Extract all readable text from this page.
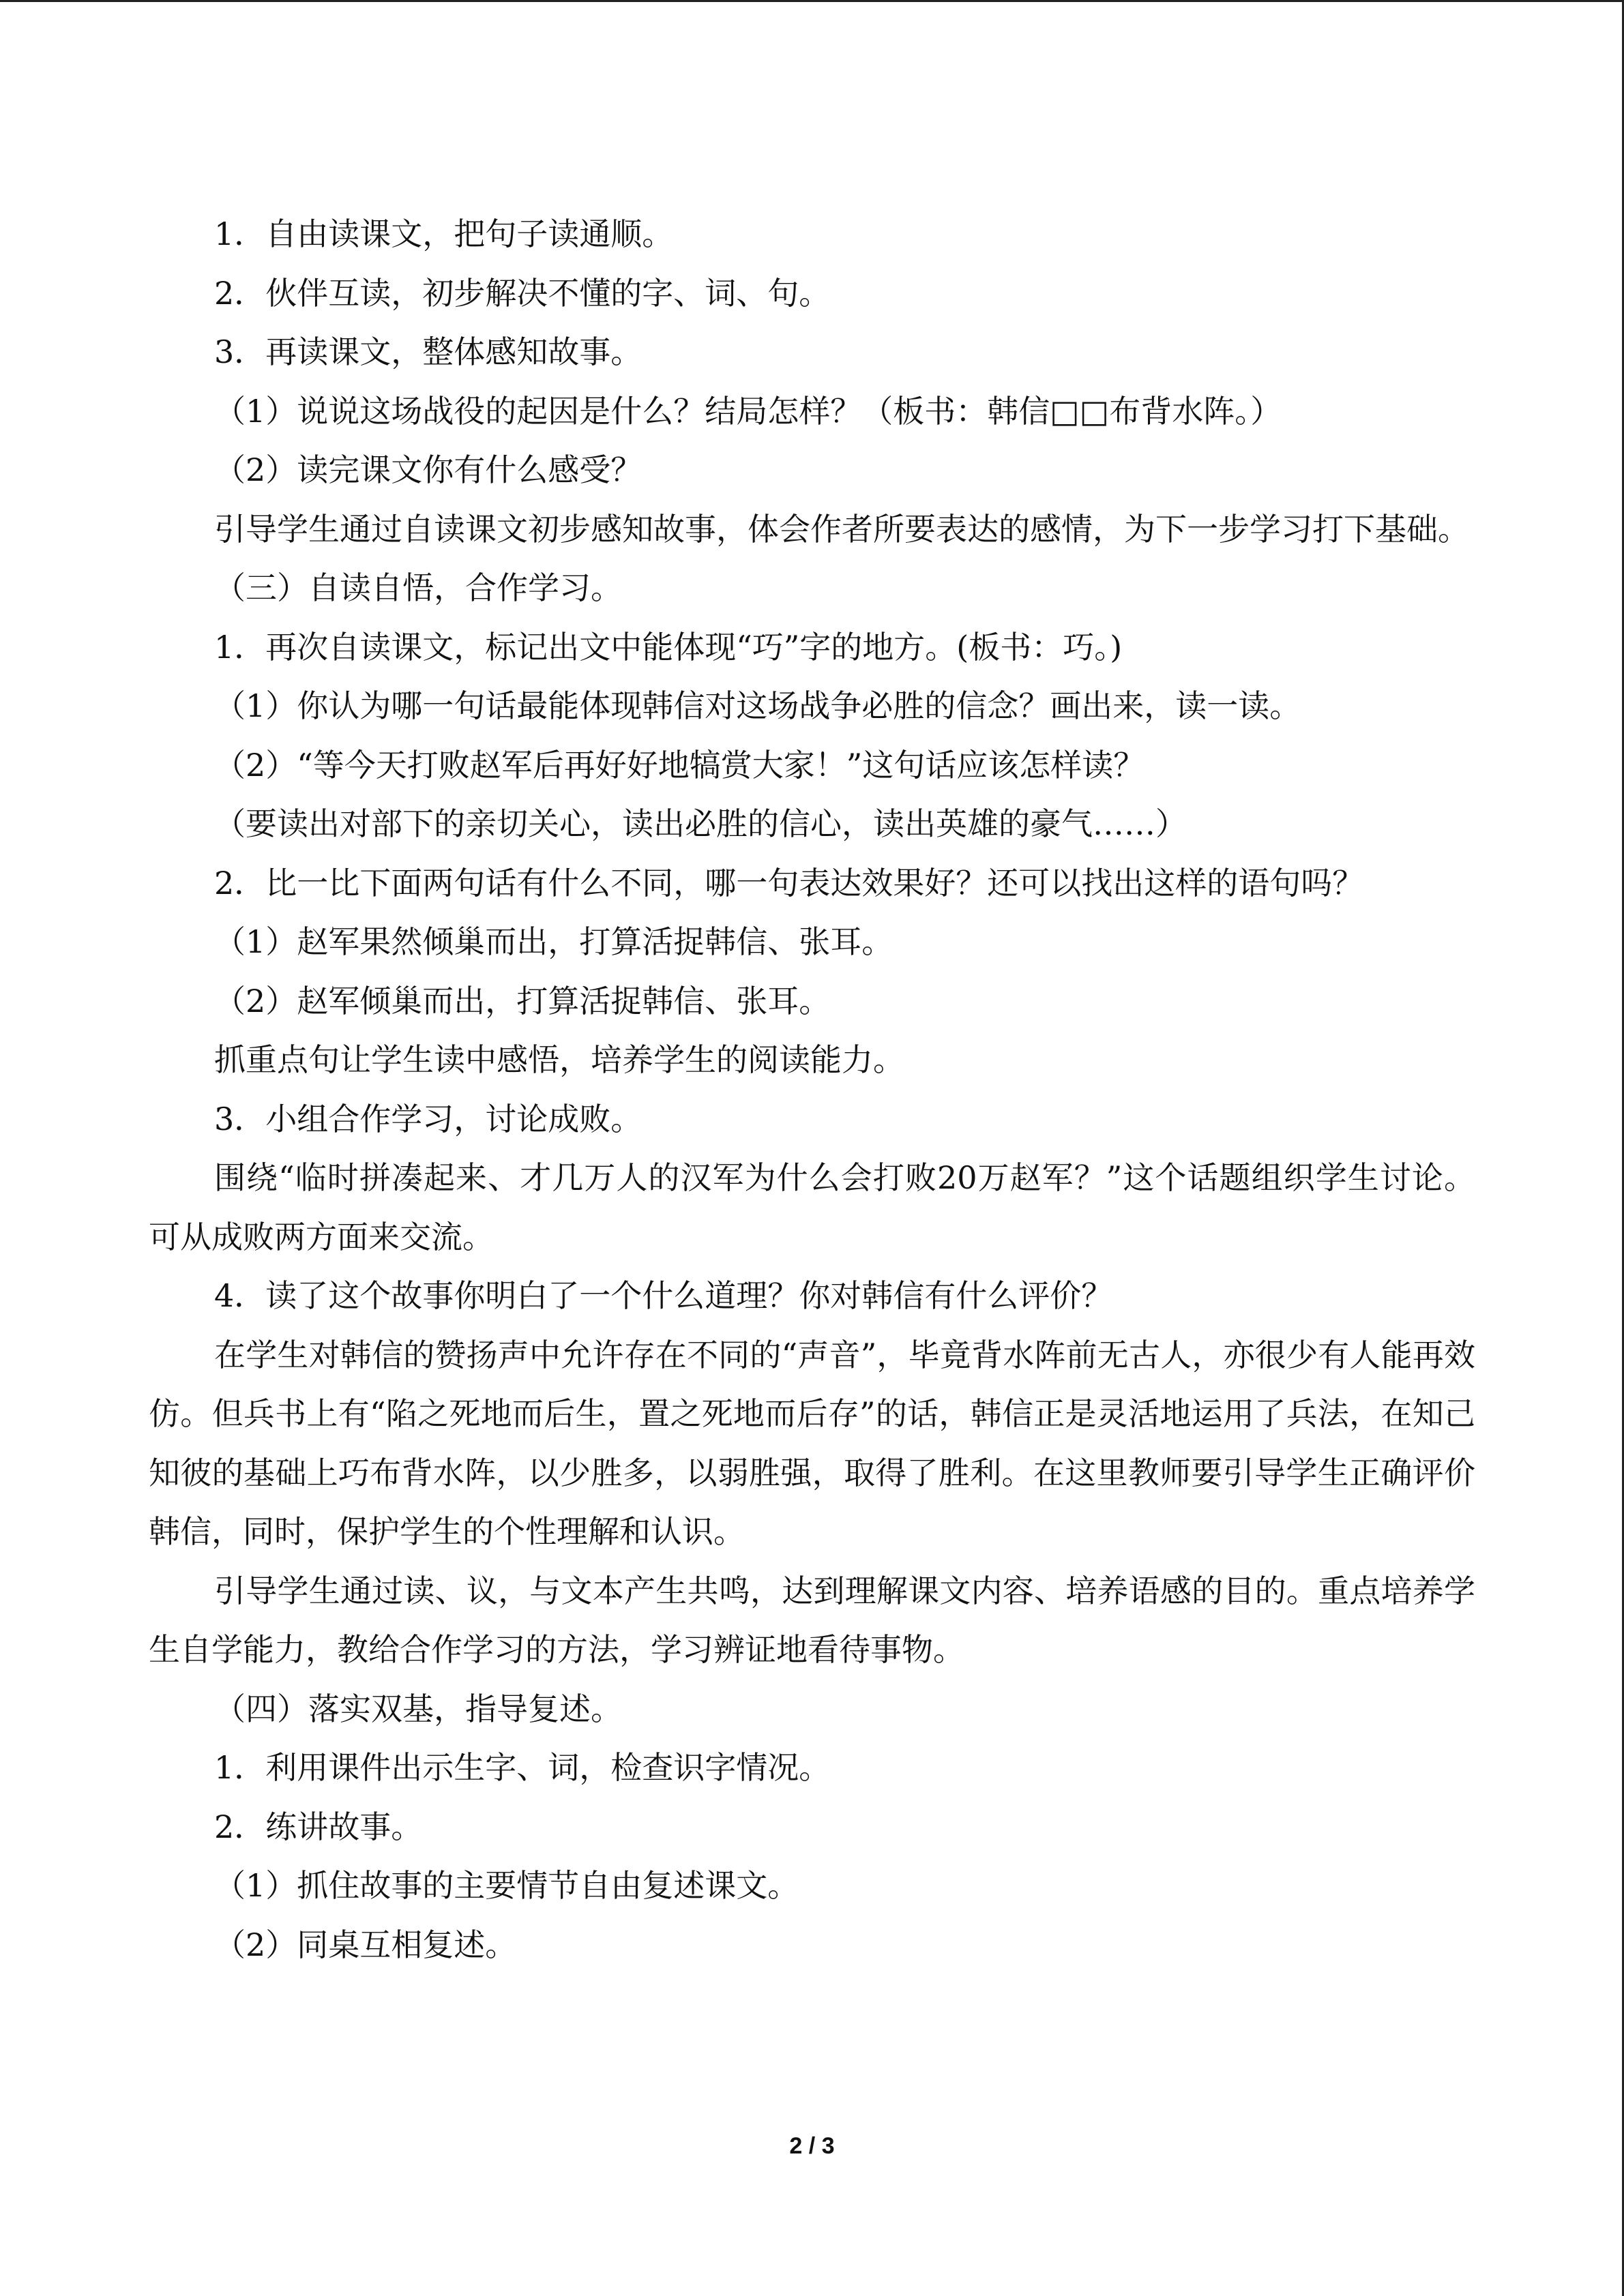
1．自由读课文，把句子读通顺。
2．伙伴互读，初步解决不懂的字、词、句。
3．再读课文，整体感知故事。
（1）说说这场战役的起因是什么？结局怎样？（板书：韩信□□布背水阵。）
（2）读完课文你有什么感受？
引导学生通过自读课文初步感知故事，体会作者所要表达的感情，为下一步学习打下基础。
（三）自读自悟，合作学习。
1．再次自读课文，标记出文中能体现“巧”字的地方。(板书：巧。)
（1）你认为哪一句话最能体现韩信对这场战争必胜的信念？画出来，读一读。
（2）“等今天打败赵军后再好好地犒赏大家！”这句话应该怎样读？
（要读出对部下的亲切关心，读出必胜的信心，读出英雄的豪气……）
2．比一比下面两句话有什么不同，哪一句表达效果好？还可以找出这样的语句吗？
（1）赵军果然倾巢而出，打算活捉韩信、张耳。
（2）赵军倾巢而出，打算活捉韩信、张耳。
抓重点句让学生读中感悟，培养学生的阅读能力。
3．小组合作学习，讨论成败。
围绕“临时拼凑起来、才几万人的汉军为什么会打败20万赵军？”这个话题组织学生讨论。可从成败两方面来交流。
4．读了这个故事你明白了一个什么道理？你对韩信有什么评价？
在学生对韩信的赞扬声中允许存在不同的“声音”，毕竟背水阵前无古人，亦很少有人能再效仿。但兵书上有“陷之死地而后生，置之死地而后存”的话，韩信正是灵活地运用了兵法，在知己知彼的基础上巧布背水阵，以少胜多，以弱胜强，取得了胜利。在这里教师要引导学生正确评价韩信，同时，保护学生的个性理解和认识。
引导学生通过读、议，与文本产生共鸣，达到理解课文内容、培养语感的目的。重点培养学生自学能力，教给合作学习的方法，学习辨证地看待事物。
（四）落实双基，指导复述。
1．利用课件出示生字、词，检查识字情况。
2．练讲故事。
（1）抓住故事的主要情节自由复述课文。
（2）同桌互相复述。
2 / 3
